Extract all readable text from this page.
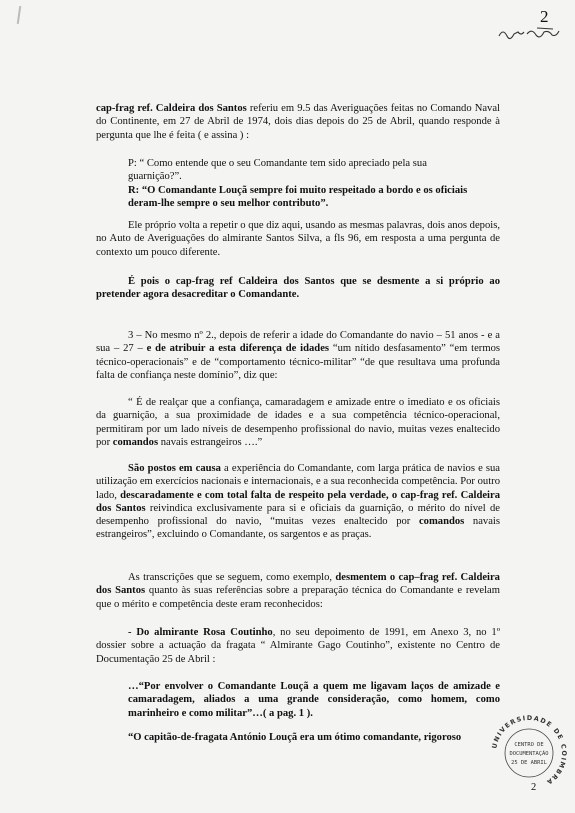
2

cap-frag ref. Caldeira dos Santos referiu em 9.5 das Averiguações feitas no Comando Naval do Continente, em 27 de Abril de 1974, dois dias depois do 25 de Abril, quando responde à pergunta que lhe é feita ( e assina ) :

P: “ Como entende que o seu Comandante tem sido apreciado pela sua guarnição?”.

R: “O Comandante Louçã sempre foi muito respeitado a bordo e os oficiais deram-lhe sempre o seu melhor contributo”.

Ele próprio volta a repetir o que diz aqui, usando as mesmas palavras, dois anos depois, no Auto de Averiguações do almirante Santos Silva, a fls 96, em resposta a uma pergunta de contexto um pouco diferente.

É pois o cap-frag ref Caldeira dos Santos que se desmente a si próprio ao pretender agora desacreditar o Comandante.

3 – No mesmo nº 2., depois de referir a idade do Comandante do navio – 51 anos - e a sua – 27 – e de atribuir a esta diferença de idades “um nítido desfasamento” “em termos técnico-operacionais” e de “comportamento técnico-militar” “de que resultava uma profunda falta de confiança neste domínio”, diz que:

“ É de realçar que a confiança, camaradagem e amizade entre o imediato e os oficiais da guarnição, a sua proximidade de idades e a sua competência técnico-operacional, permitiram por um lado níveis de desempenho profissional do navio, muitas vezes enaltecido por comandos navais estrangeiros ….”

São postos em causa a experiência do Comandante, com larga prática de navios e sua utilização em exercícios nacionais e internacionais, e a sua reconhecida competência. Por outro lado, descaradamente e com total falta de respeito pela verdade, o cap-frag ref. Caldeira dos Santos reivindica exclusivamente para si e oficiais da guarnição, o mérito do nível de desempenho profissional do navio, “muitas vezes enaltecido por comandos navais estrangeiros”, excluindo o Comandante, os sargentos e as praças.

As transcrições que se seguem, como exemplo, desmentem o cap–frag ref. Caldeira dos Santos quanto às suas referências sobre a preparação técnica do Comandante e revelam que o mérito e competência deste eram reconhecidos:

- Do almirante Rosa Coutinho, no seu depoimento de 1991, em Anexo 3, no 1º dossier sobre a actuação da fragata “ Almirante Gago Coutinho”, existente no Centro de Documentação 25 de Abril :

…“Por envolver o Comandante Louçã a quem me ligavam laços de amizade e camaradagem, aliados a uma grande consideração, como homem, como marinheiro e como militar”…( a pag. 1 ).

“O capitão-de-fragata António Louçã era um ótimo comandante, rigoroso

UNIVERSIDADE DE COIMBRA
CENTRO DE
DOCUMENTAÇÃO
25 DE ABRIL
2
